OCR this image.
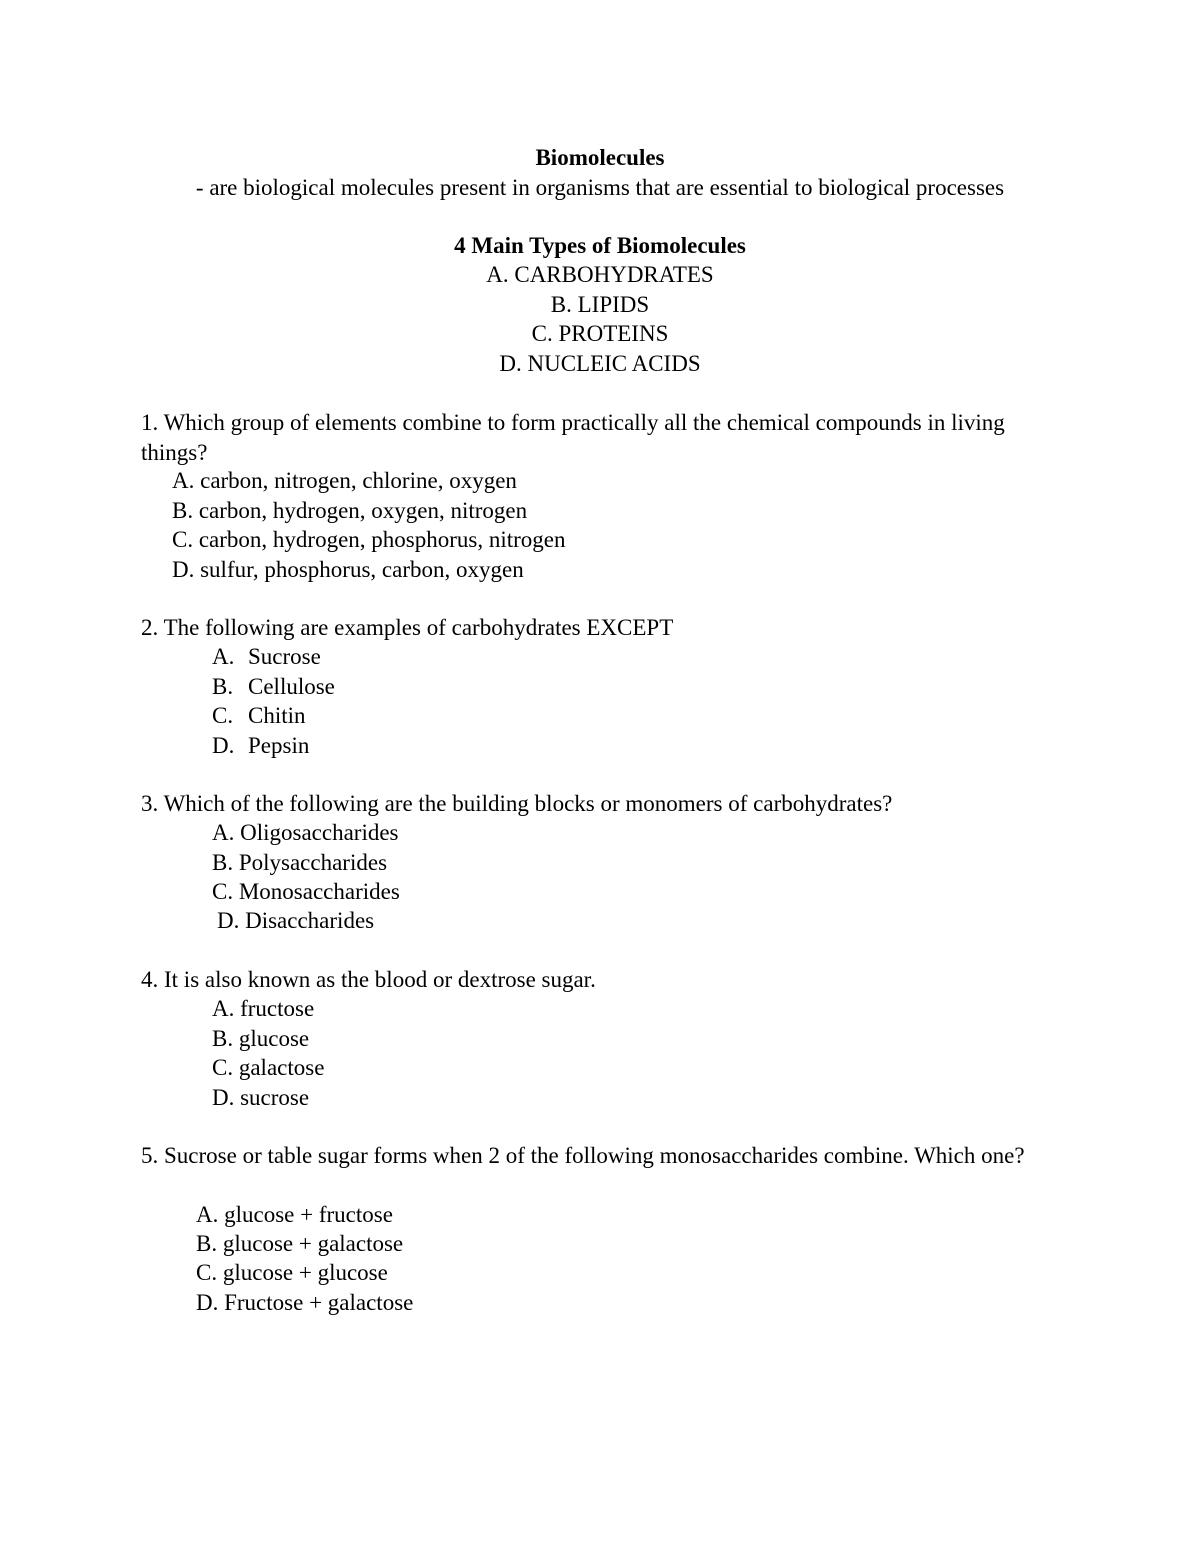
Biomolecules
- are biological molecules present in organisms that are essential to biological processes
4 Main Types of Biomolecules
A. CARBOHYDRATES
B. LIPIDS
C. PROTEINS
D. NUCLEIC ACIDS
1. Which group of elements combine to form practically all the chemical compounds in living things?
A. carbon, nitrogen, chlorine, oxygen
B. carbon, hydrogen, oxygen, nitrogen
C. carbon, hydrogen, phosphorus, nitrogen
D. sulfur, phosphorus, carbon, oxygen
2. The following are examples of carbohydrates EXCEPT
A. Sucrose
B. Cellulose
C. Chitin
D. Pepsin
3. Which of the following are the building blocks or monomers of carbohydrates?
A. Oligosaccharides
B. Polysaccharides
C. Monosaccharides
D. Disaccharides
4. It is also known as the blood or dextrose sugar.
A. fructose
B. glucose
C. galactose
D. sucrose
5. Sucrose or table sugar forms when 2 of the following monosaccharides combine. Which one?
A. glucose + fructose
B. glucose + galactose
C. glucose + glucose
D. Fructose + galactose
